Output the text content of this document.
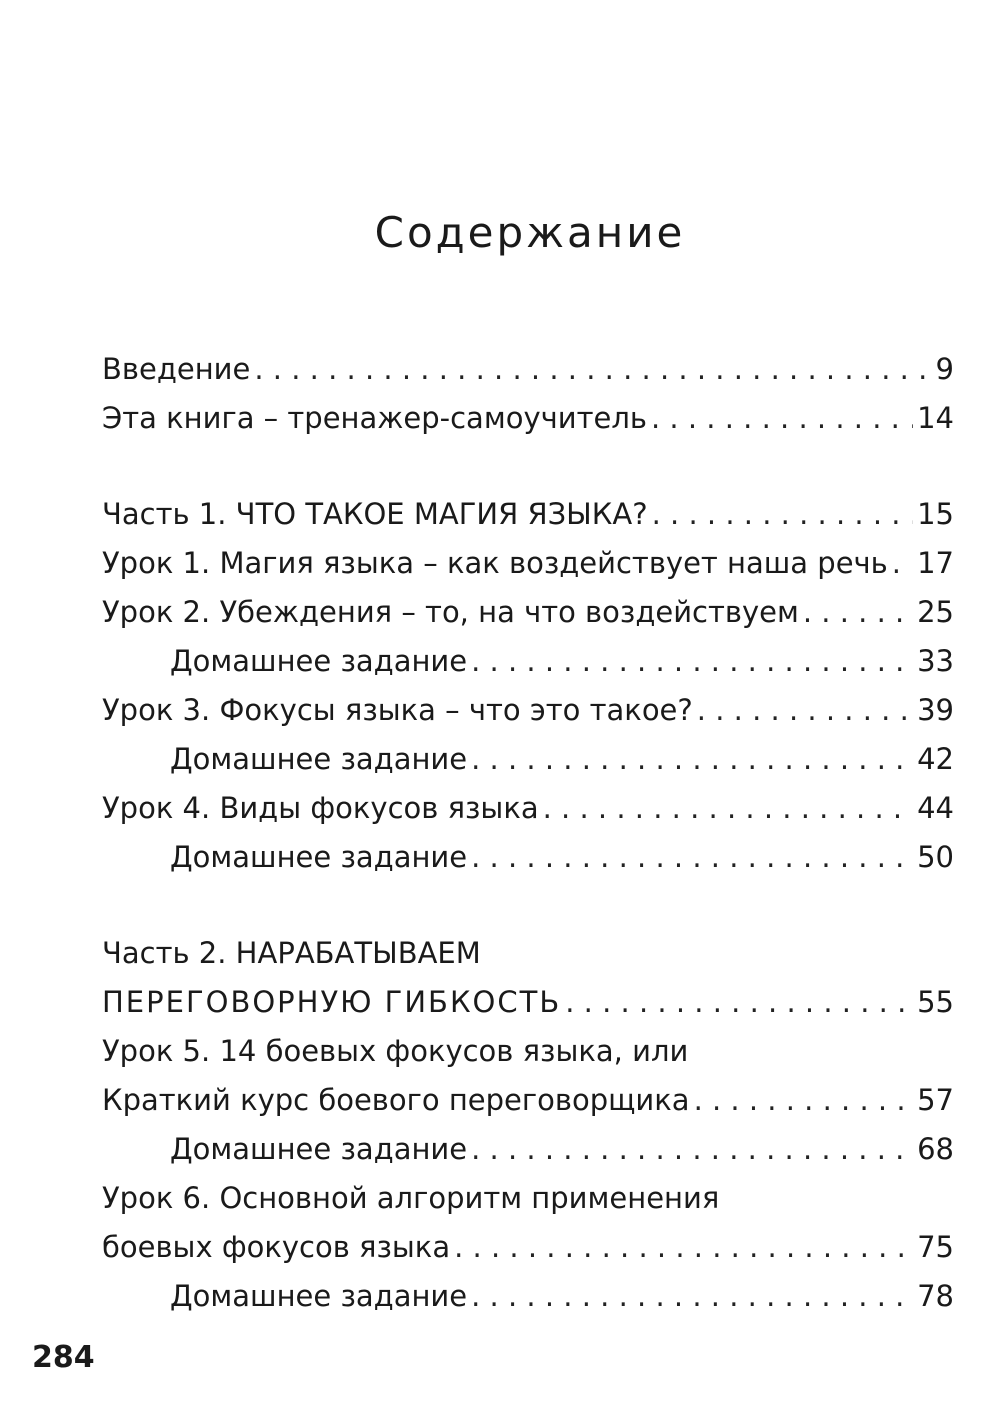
Содержание
Введение . . .	9
Эта книга – тренажер-самоучитель . . .	14
Часть 1. ЧТО ТАКОЕ МАГИЯ ЯЗЫКА? . . .	15
Урок 1. Магия языка – как воздействует наша речь . . . 17
Урок 2. Убеждения – то, на что воздействуем . . .	25
Домашнее задание . . .	33
Урок 3. Фокусы языка – что это такое? . . .	39
Домашнее задание . . .	42
Урок 4. Виды фокусов языка . . .	44
Домашнее задание . . .	50
Часть 2. НАРАБАТЫВАЕМ
ПЕРЕГОВОРНУЮ ГИБКОСТЬ . . .	55
Урок 5. 14 боевых фокусов языка, или
Краткий курс боевого переговорщика . . .	57
Домашнее задание . . .	68
Урок 6. Основной алгоритм применения
боевых фокусов языка . . .	75
Домашнее задание . . .	78
284
